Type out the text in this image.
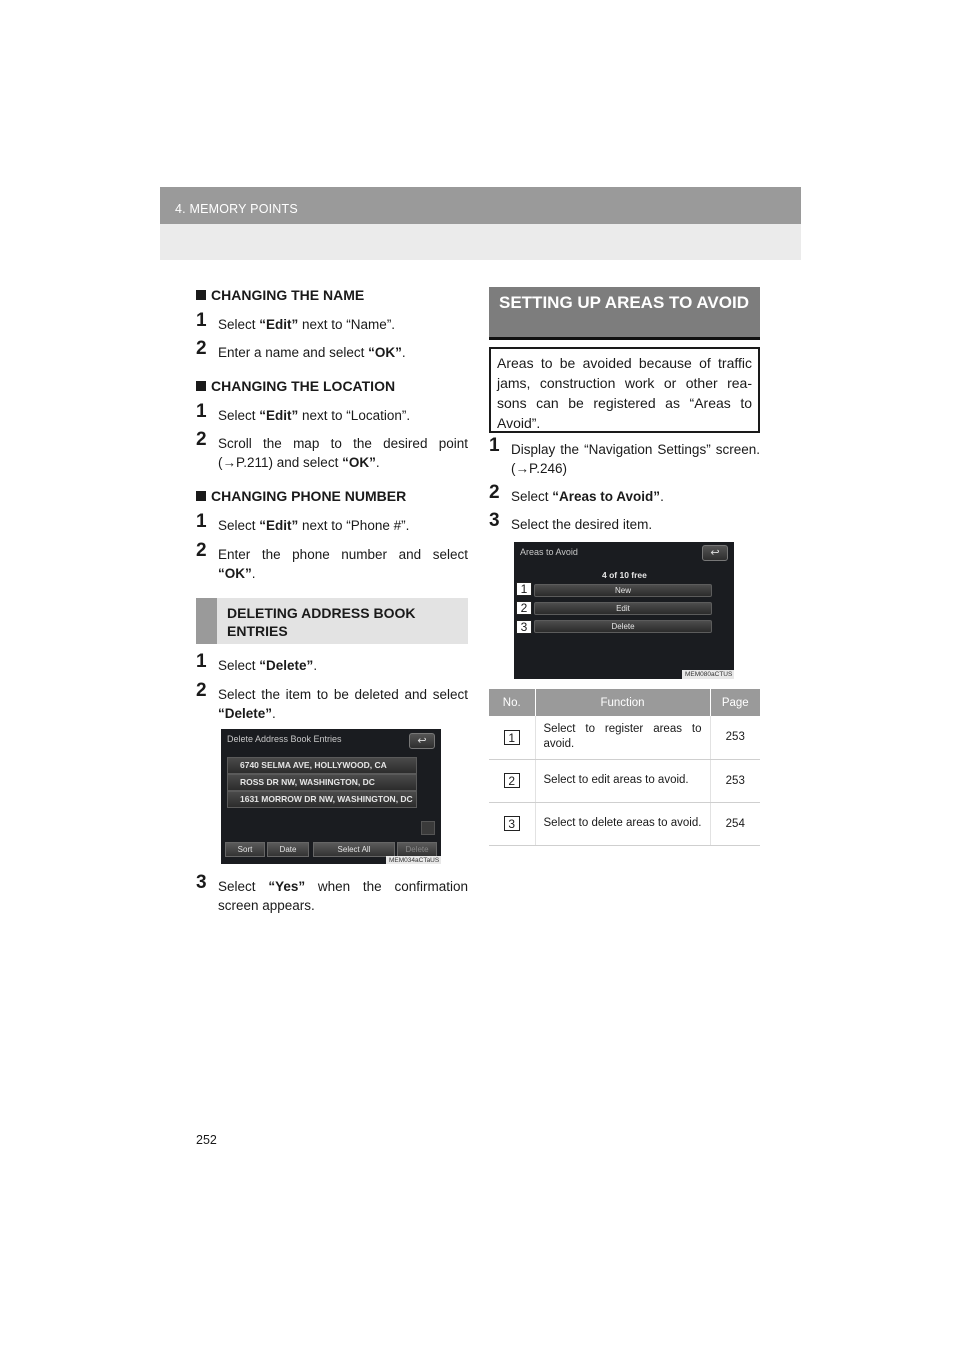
4. MEMORY POINTS
CHANGING THE NAME
1 Select “Edit” next to “Name”.
2 Enter a name and select “OK”.
CHANGING THE LOCATION
1 Select “Edit” next to “Location”.
2 Scroll the map to the desired point (→P.211) and select “OK”.
CHANGING PHONE NUMBER
1 Select “Edit” next to “Phone #”.
2 Enter the phone number and select “OK”.
DELETING ADDRESS BOOK ENTRIES
1 Select “Delete”.
2 Select the item to be deleted and select “Delete”.
Delete Address Book Entries	↩
6740 SELMA AVE, HOLLYWOOD, CA
ROSS DR NW, WASHINGTON, DC
1631 MORROW DR NW, WASHINGTON, DC
Sort	Date	Select All	Delete
MEM034aCTaUS
3 Select “Yes” when the confirmation screen appears.
SETTING UP AREAS TO AVOID
Areas to be avoided because of traffic jams, construction work or other rea-sons can be registered as “Areas to Avoid”.
1 Display the “Navigation Settings” screen. (→P.246)
2 Select “Areas to Avoid”.
3 Select the desired item.
Areas to Avoid	↩
4 of 10 free
New
Edit
Delete
MEM080aCTUS
1
2
3
No.	Function	Page
1	Select to register areas to avoid.	253
2	Select to edit areas to avoid.	253
3	Select to delete areas to avoid.	254
252
